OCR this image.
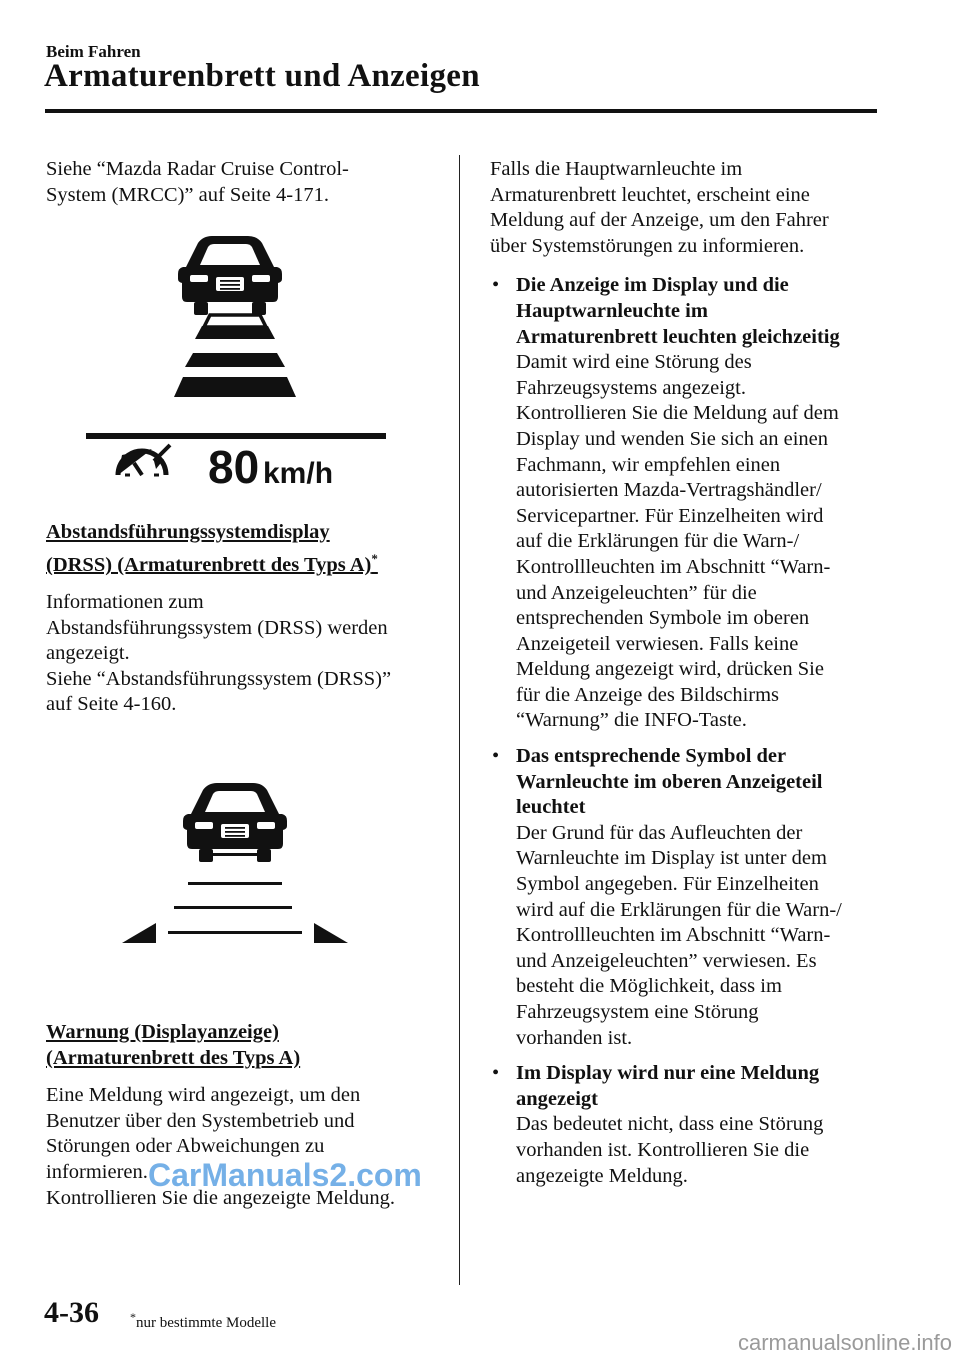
Beim Fahren
Armaturenbrett und Anzeigen

Siehe “Mazda Radar Cruise Control-

System (MRCC)” auf Seite 4-171.

80 km/h

Abstandsführungssystemdisplay

(DRSS) (Armaturenbrett des Typs A)*

Informationen zum

Abstandsführungssystem (DRSS) werden

angezeigt.

Siehe “Abstandsführungssystem (DRSS)”

auf Seite 4-160.

Warnung (Displayanzeige)

(Armaturenbrett des Typs A)

Eine Meldung wird angezeigt, um den

Benutzer über den Systembetrieb und

Störungen oder Abweichungen zu

informieren.

Kontrollieren Sie die angezeigte Meldung.

Falls die Hauptwarnleuchte im

Armaturenbrett leuchtet, erscheint eine

Meldung auf der Anzeige, um den Fahrer

über Systemstörungen zu informieren.

• Die Anzeige im Display und die

Hauptwarnleuchte im

Armaturenbrett leuchten gleichzeitig

Damit wird eine Störung des

Fahrzeugsystems angezeigt.

Kontrollieren Sie die Meldung auf dem

Display und wenden Sie sich an einen

Fachmann, wir empfehlen einen

autorisierten Mazda-Vertragshändler/

Servicepartner. Für Einzelheiten wird

auf die Erklärungen für die Warn-/

Kontrollleuchten im Abschnitt “Warn-

und Anzeigeleuchten” für die

entsprechenden Symbole im oberen

Anzeigeteil verwiesen. Falls keine

Meldung angezeigt wird, drücken Sie

für die Anzeige des Bildschirms

“Warnung” die INFO-Taste.

• Das entsprechende Symbol der

Warnleuchte im oberen Anzeigeteil

leuchtet

Der Grund für das Aufleuchten der

Warnleuchte im Display ist unter dem

Symbol angegeben. Für Einzelheiten

wird auf die Erklärungen für die Warn-/

Kontrollleuchten im Abschnitt “Warn-

und Anzeigeleuchten” verwiesen. Es

besteht die Möglichkeit, dass im

Fahrzeugsystem eine Störung

vorhanden ist.

• Im Display wird nur eine Meldung

angezeigt

Das bedeutet nicht, dass eine Störung

vorhanden ist. Kontrollieren Sie die

angezeigte Meldung.

4-36	*nur bestimmte Modelle
CarManuals2.com
carmanualsonline.info
